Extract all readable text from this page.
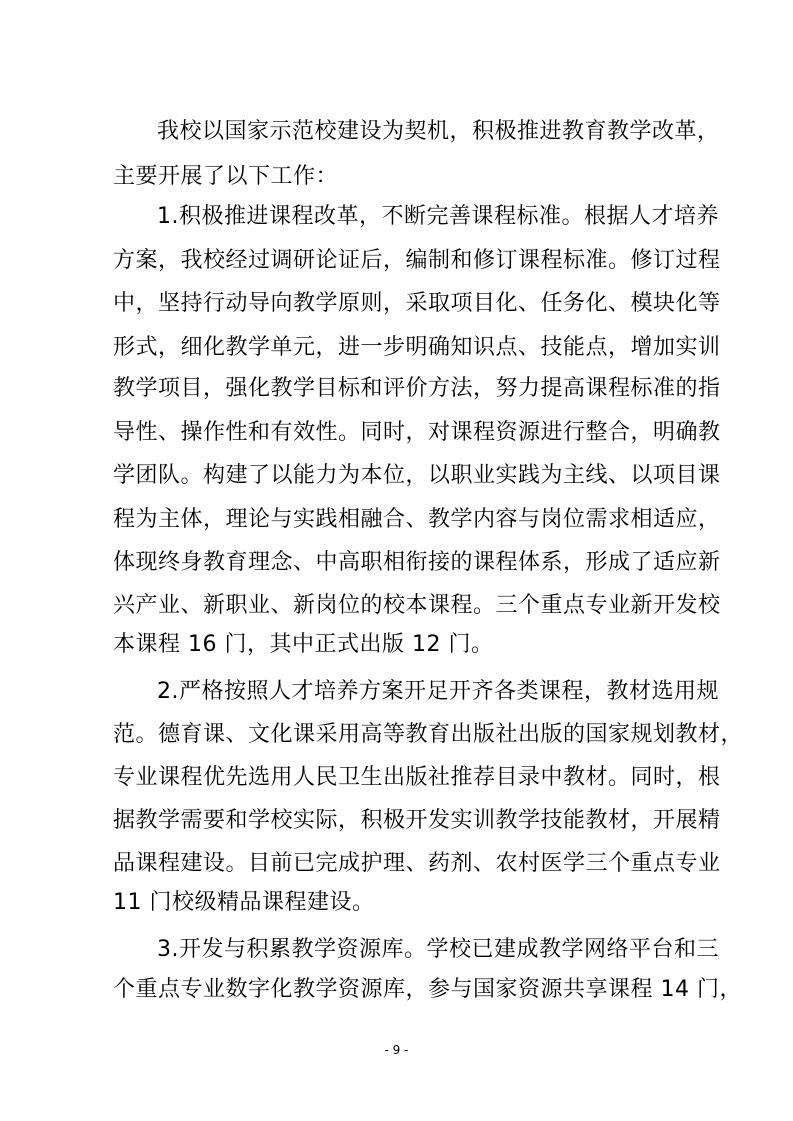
我校以国家示范校建设为契机，积极推进教育教学改革，
主要开展了以下工作：
1.积极推进课程改革，不断完善课程标准。根据人才培养
方案，我校经过调研论证后，编制和修订课程标准。修订过程
中，坚持行动导向教学原则，采取项目化、任务化、模块化等
形式，细化教学单元，进一步明确知识点、技能点，增加实训
教学项目，强化教学目标和评价方法，努力提高课程标准的指
导性、操作性和有效性。同时，对课程资源进行整合，明确教
学团队。构建了以能力为本位，以职业实践为主线、以项目课
程为主体，理论与实践相融合、教学内容与岗位需求相适应，
体现终身教育理念、中高职相衔接的课程体系，形成了适应新
兴产业、新职业、新岗位的校本课程。三个重点专业新开发校
本课程 16 门，其中正式出版 12 门。
2.严格按照人才培养方案开足开齐各类课程，教材选用规
范。德育课、文化课采用高等教育出版社出版的国家规划教材，
专业课程优先选用人民卫生出版社推荐目录中教材。同时，根
据教学需要和学校实际，积极开发实训教学技能教材，开展精
品课程建设。目前已完成护理、药剂、农村医学三个重点专业
11 门校级精品课程建设。
3.开发与积累教学资源库。学校已建成教学网络平台和三
个重点专业数字化教学资源库，参与国家资源共享课程 14 门，
- 9 -
